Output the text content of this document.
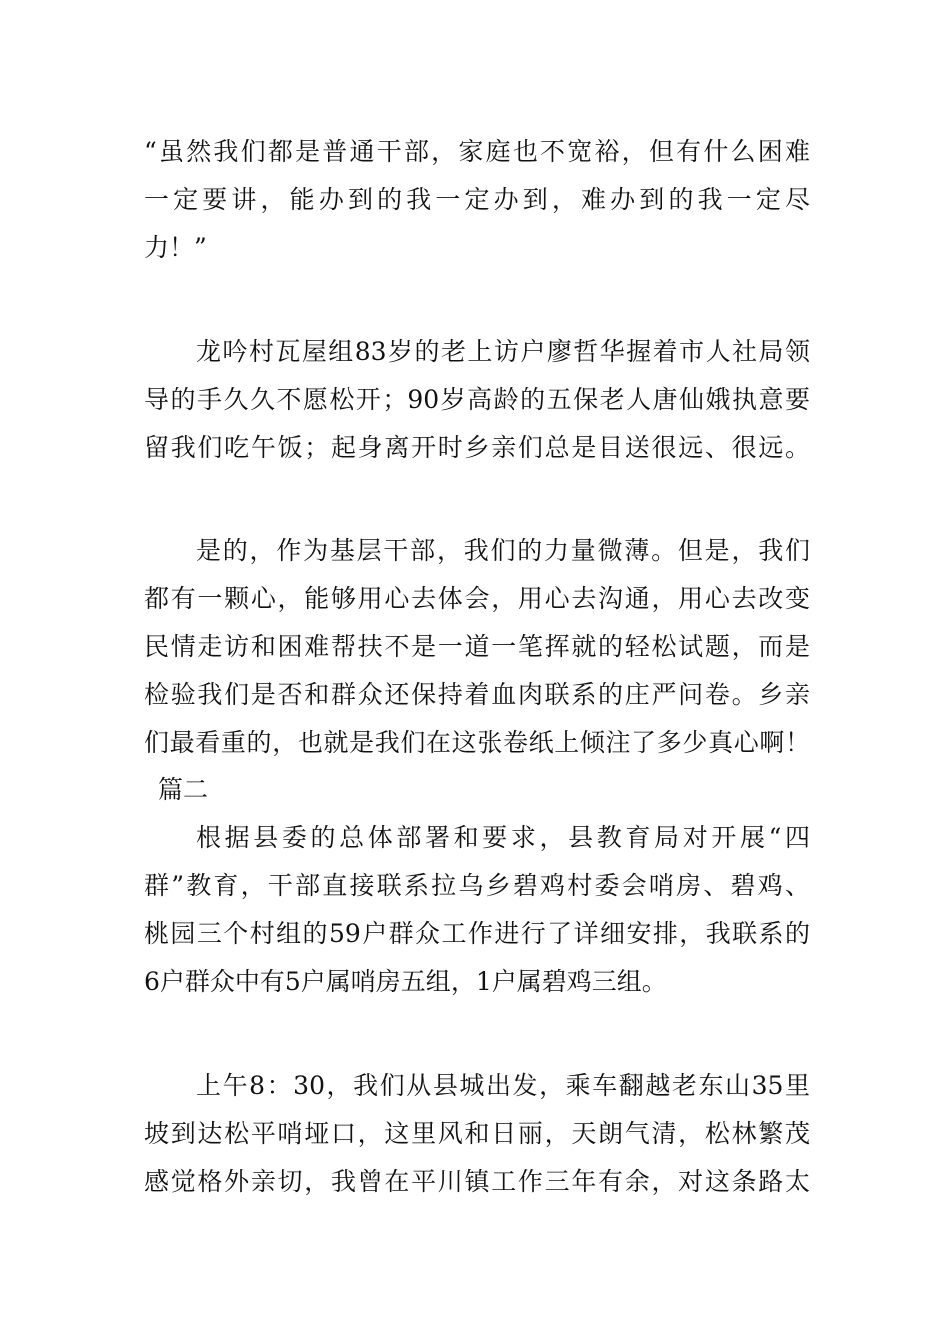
“虽然我们都是普通干部，家庭也不宽裕，但有什么困难
一定要讲，能办到的我一定办到，难办到的我一定尽
力！”
龙吟村瓦屋组83岁的老上访户廖哲华握着市人社局领
导的手久久不愿松开；90岁高龄的五保老人唐仙娥执意要
留我们吃午饭；起身离开时乡亲们总是目送很远、很远。
是的，作为基层干部，我们的力量微薄。但是，我们
都有一颗心，能够用心去体会，用心去沟通，用心去改变
民情走访和困难帮扶不是一道一笔挥就的轻松试题，而是
检验我们是否和群众还保持着血肉联系的庄严问卷。乡亲
们最看重的，也就是我们在这张卷纸上倾注了多少真心啊！
篇二
根据县委的总体部署和要求，县教育局对开展“四
群”教育，干部直接联系拉乌乡碧鸡村委会哨房、碧鸡、
桃园三个村组的59户群众工作进行了详细安排，我联系的
6户群众中有5户属哨房五组，1户属碧鸡三组。
上午8：30，我们从县城出发，乘车翻越老东山35里
坡到达松平哨垭口，这里风和日丽，天朗气清，松林繁茂
感觉格外亲切，我曾在平川镇工作三年有余，对这条路太
